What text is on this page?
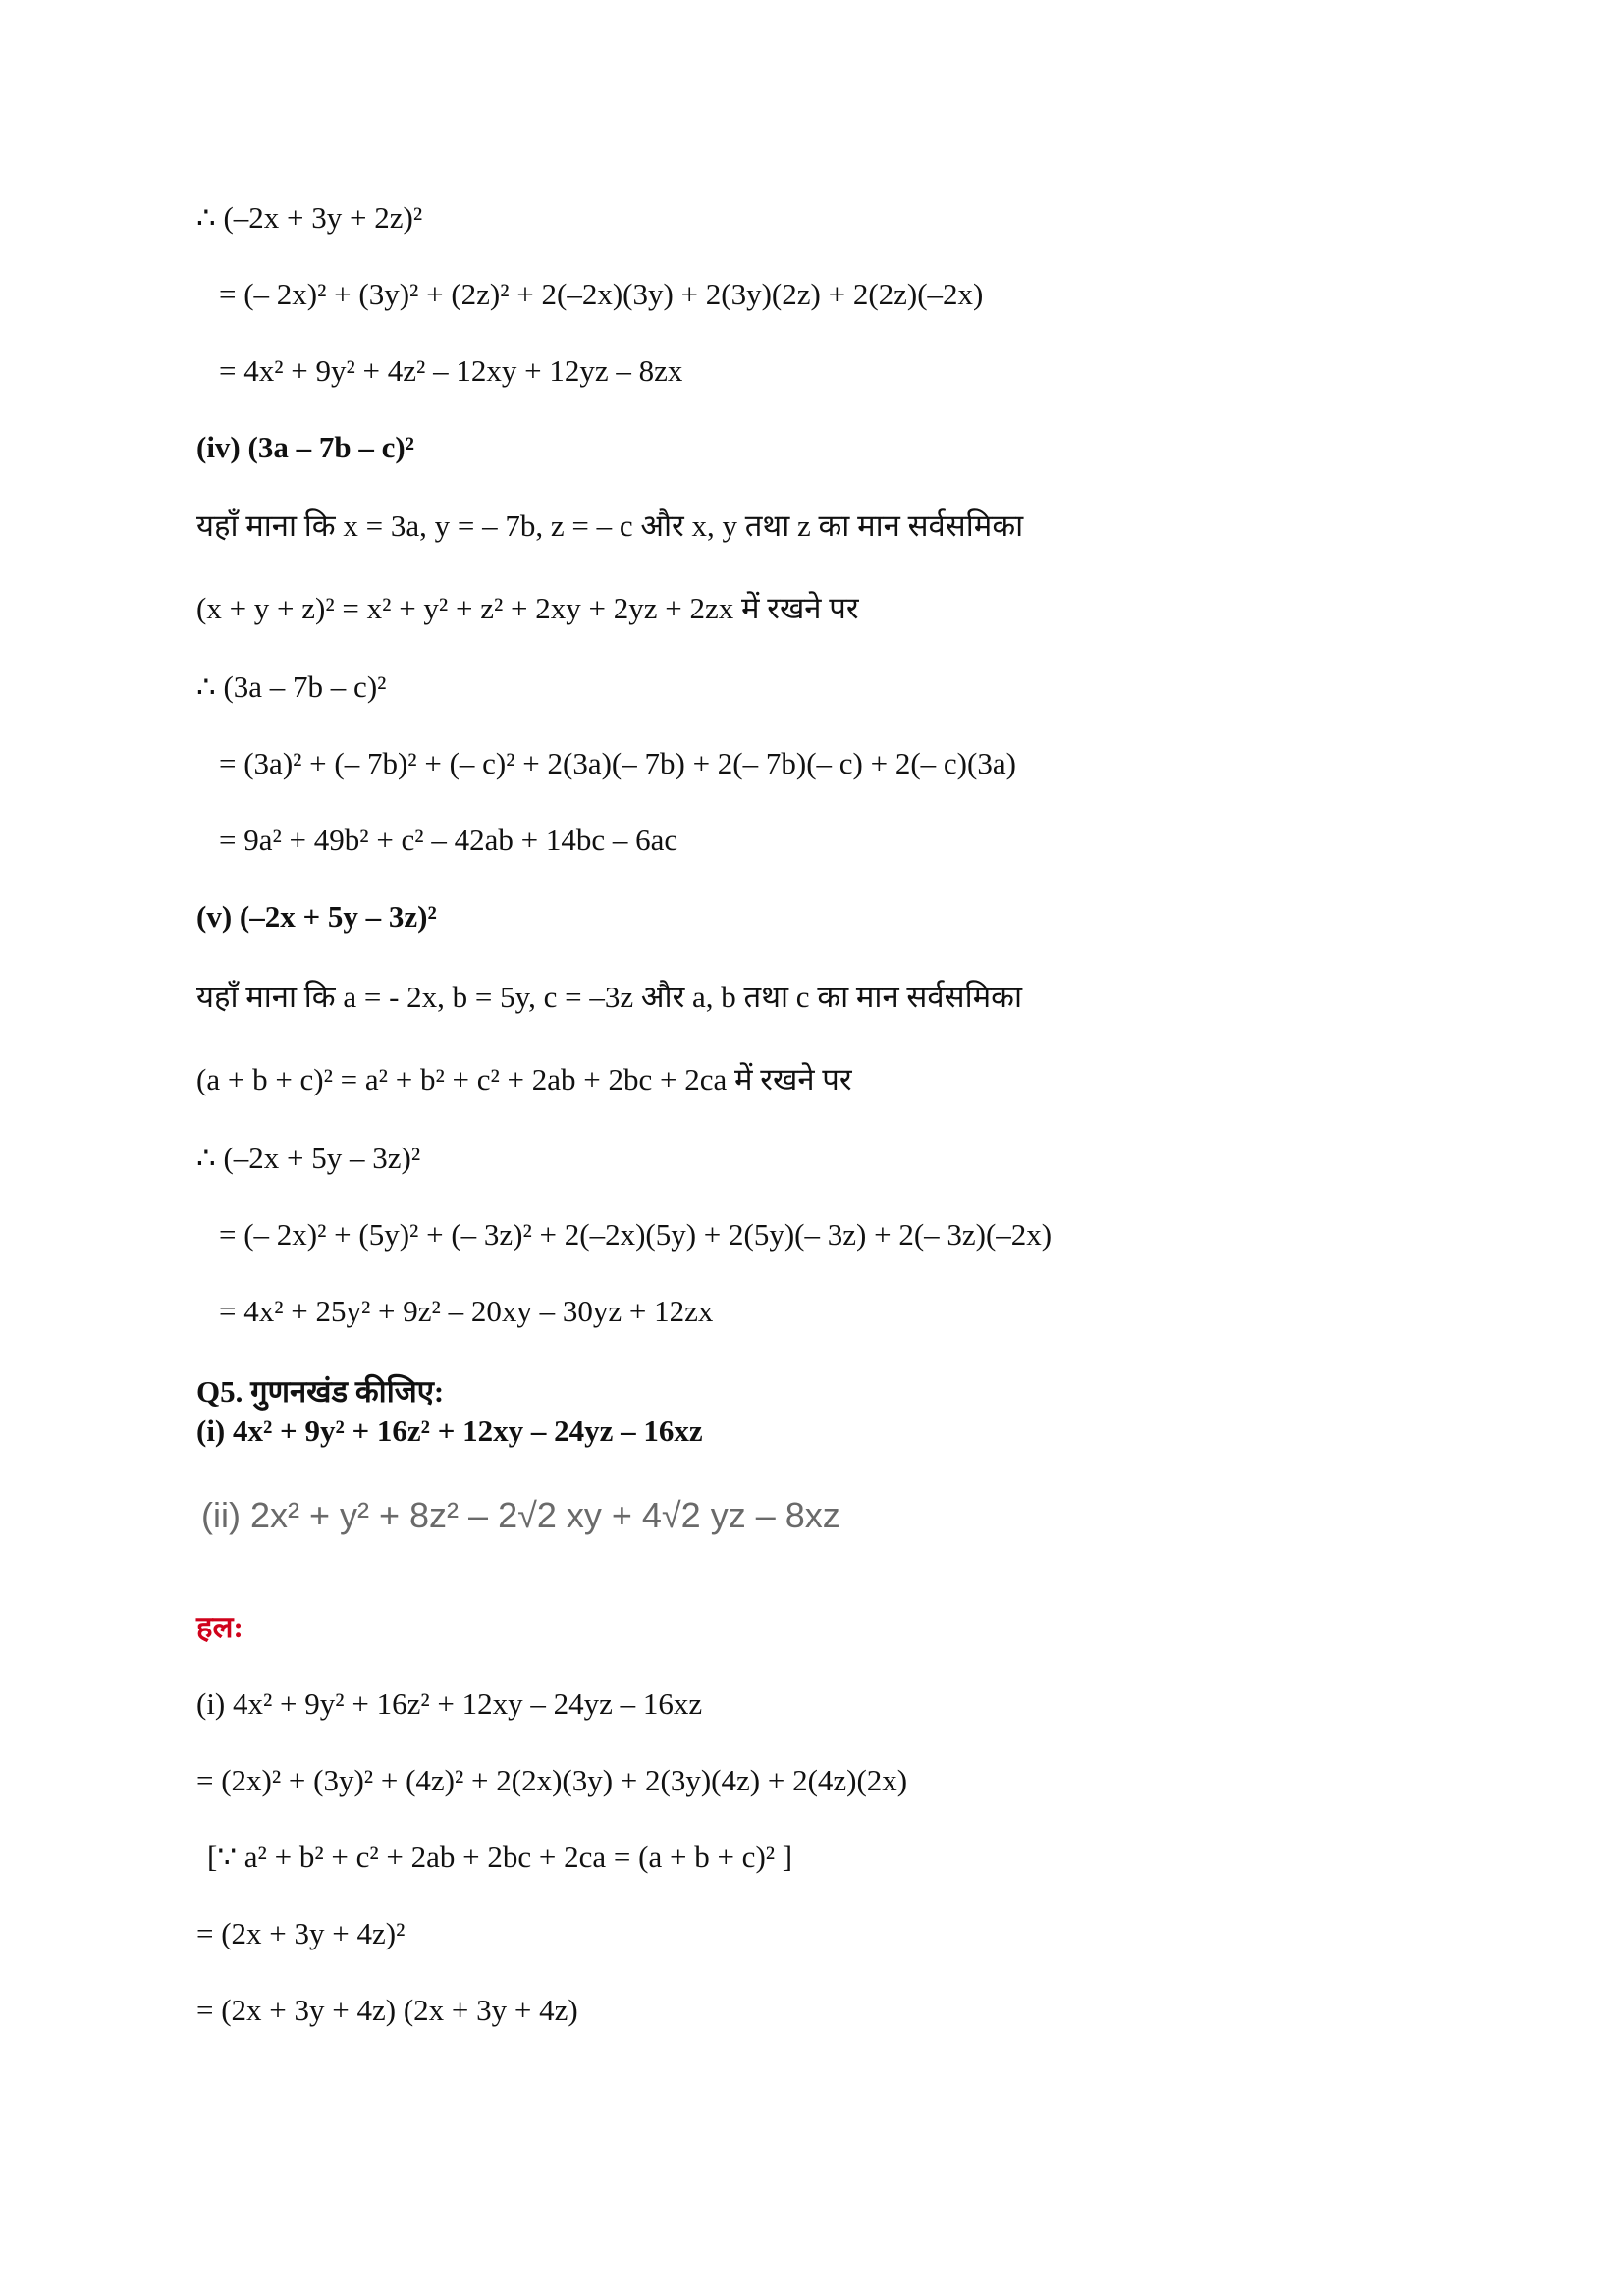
∴ (–2x + 3y + 2z)²
= (– 2x)² + (3y)² + (2z)² + 2(–2x)(3y) + 2(3y)(2z) + 2(2z)(–2x)
= 4x² + 9y² + 4z² – 12xy + 12yz – 8zx
(iv) (3a – 7b – c)²
यहाँ माना कि x = 3a, y = – 7b, z = – c और x, y तथा z का मान सर्वसमिका
(x + y + z)² = x² + y² + z² + 2xy + 2yz + 2zx में रखने पर
∴ (3a – 7b – c)²
= (3a)² + (– 7b)² + (– c)² + 2(3a)(– 7b) + 2(– 7b)(– c) + 2(– c)(3a)
= 9a² + 49b² + c² – 42ab + 14bc – 6ac
(v) (–2x + 5y – 3z)²
यहाँ माना कि a = - 2x, b = 5y, c = –3z और a, b तथा c का मान सर्वसमिका
(a + b + c)² = a² + b² + c² + 2ab + 2bc + 2ca में रखने पर
∴ (–2x + 5y – 3z)²
= (– 2x)² + (5y)² + (– 3z)² + 2(–2x)(5y) + 2(5y)(– 3z) + 2(– 3z)(–2x)
= 4x² + 25y² + 9z² – 20xy – 30yz + 12zx
Q5. गुणनखंड कीजिए:
(i) 4x² + 9y² + 16z² + 12xy – 24yz – 16xz
(ii) 2x² + y² + 8z² – 2√2 xy + 4√2 yz – 8xz
हल:
(i) 4x² + 9y² + 16z² + 12xy – 24yz – 16xz
= (2x)² + (3y)² + (4z)² + 2(2x)(3y) + 2(3y)(4z) + 2(4z)(2x)
[∵ a² + b² + c² + 2ab + 2bc + 2ca = (a + b + c)² ]
= (2x + 3y + 4z)²
= (2x + 3y + 4z) (2x + 3y + 4z)
